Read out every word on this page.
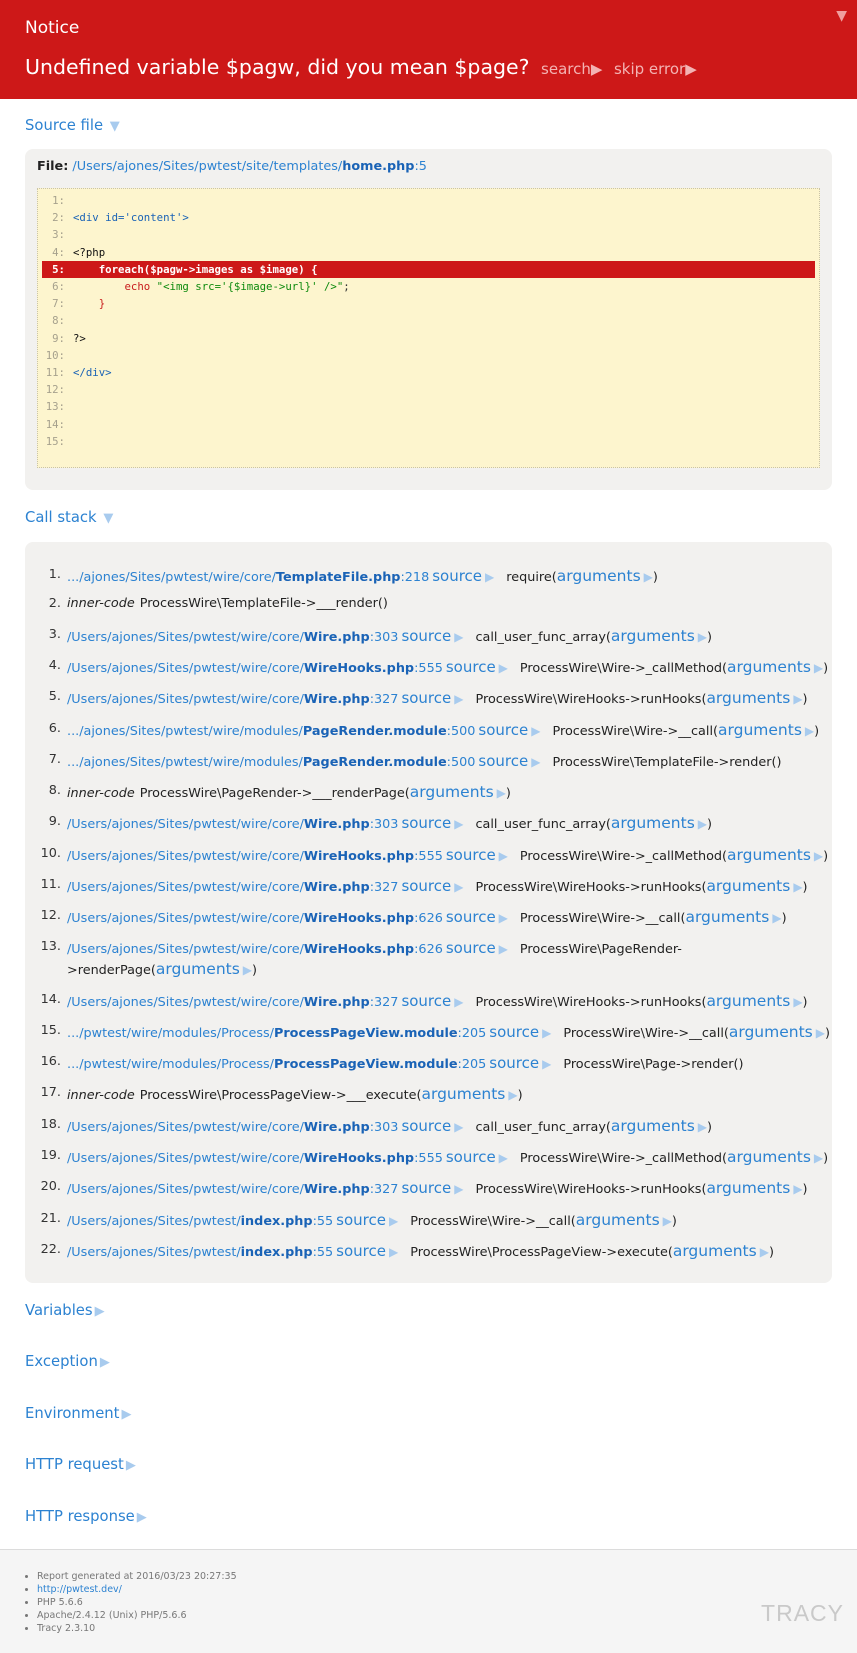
Notice
Undefined variable $pagw, did you mean $page? search▶ skip error▶
▼
Source file ▼
File: /Users/ajones/Sites/pwtest/site/templates/home.php:5
1:
2: <div id='content'>
3:
4: <?php
5:    foreach($pagw->images as $image) {
6:	echo "<img src='{$image->url}' />";
7:	}
8:
9: ?>
10:
11: </div>
12:
13:
14:
15:
Call stack ▼
1. .../ajones/Sites/pwtest/wire/core/TemplateFile.php:218 source ▶ require(arguments ▶)
2. inner-code ProcessWire\TemplateFile->___render()
3. /Users/ajones/Sites/pwtest/wire/core/Wire.php:303 source ▶ call_user_func_array(arguments ▶)
4. /Users/ajones/Sites/pwtest/wire/core/WireHooks.php:555 source ▶ ProcessWire\Wire->_callMethod(arguments ▶)
5. /Users/ajones/Sites/pwtest/wire/core/Wire.php:327 source ▶ ProcessWire\WireHooks->runHooks(arguments ▶)
6. .../ajones/Sites/pwtest/wire/modules/PageRender.module:500 source ▶ ProcessWire\Wire->__call(arguments ▶)
7. .../ajones/Sites/pwtest/wire/modules/PageRender.module:500 source ▶ ProcessWire\TemplateFile->render()
8. inner-code ProcessWire\PageRender->___renderPage(arguments ▶)
9. /Users/ajones/Sites/pwtest/wire/core/Wire.php:303 source ▶ call_user_func_array(arguments ▶)
10. /Users/ajones/Sites/pwtest/wire/core/WireHooks.php:555 source ▶ ProcessWire\Wire->_callMethod(arguments ▶)
11. /Users/ajones/Sites/pwtest/wire/core/Wire.php:327 source ▶ ProcessWire\WireHooks->runHooks(arguments ▶)
12. /Users/ajones/Sites/pwtest/wire/core/WireHooks.php:626 source ▶ ProcessWire\Wire->__call(arguments ▶)
>renderPage(arguments ▶)
13. /Users/ajones/Sites/pwtest/wire/core/WireHooks.php:626 source ▶ ProcessWire\PageRender-
14. /Users/ajones/Sites/pwtest/wire/core/Wire.php:327 source ▶ ProcessWire\WireHooks->runHooks(arguments ▶)
15. .../pwtest/wire/modules/Process/ProcessPageView.module:205 source ▶ ProcessWire\Wire->__call(arguments ▶)
16. .../pwtest/wire/modules/Process/ProcessPageView.module:205 source ▶ ProcessWire\Page->render()
17. inner-code ProcessWire\ProcessPageView->___execute(arguments ▶)
18. /Users/ajones/Sites/pwtest/wire/core/Wire.php:303 source ▶ call_user_func_array(arguments ▶)
19. /Users/ajones/Sites/pwtest/wire/core/WireHooks.php:555 source ▶ ProcessWire\Wire->_callMethod(arguments ▶)
20. /Users/ajones/Sites/pwtest/wire/core/Wire.php:327 source ▶ ProcessWire\WireHooks->runHooks(arguments ▶)
21. /Users/ajones/Sites/pwtest/index.php:55 source ▶ ProcessWire\Wire->__call(arguments ▶)
22. /Users/ajones/Sites/pwtest/index.php:55 source ▶ ProcessWire\ProcessPageView->execute(arguments ▶)
Variables ▶
Exception ▶
Environment ▶
HTTP request ▶
HTTP response ▶
• Report generated at 2016/03/23 20:27:35
• http://pwtest.dev/
• PHP 5.6.6
• Apache/2.4.12 (Unix) PHP/5.6.6
• Tracy 2.3.10
TRACY
